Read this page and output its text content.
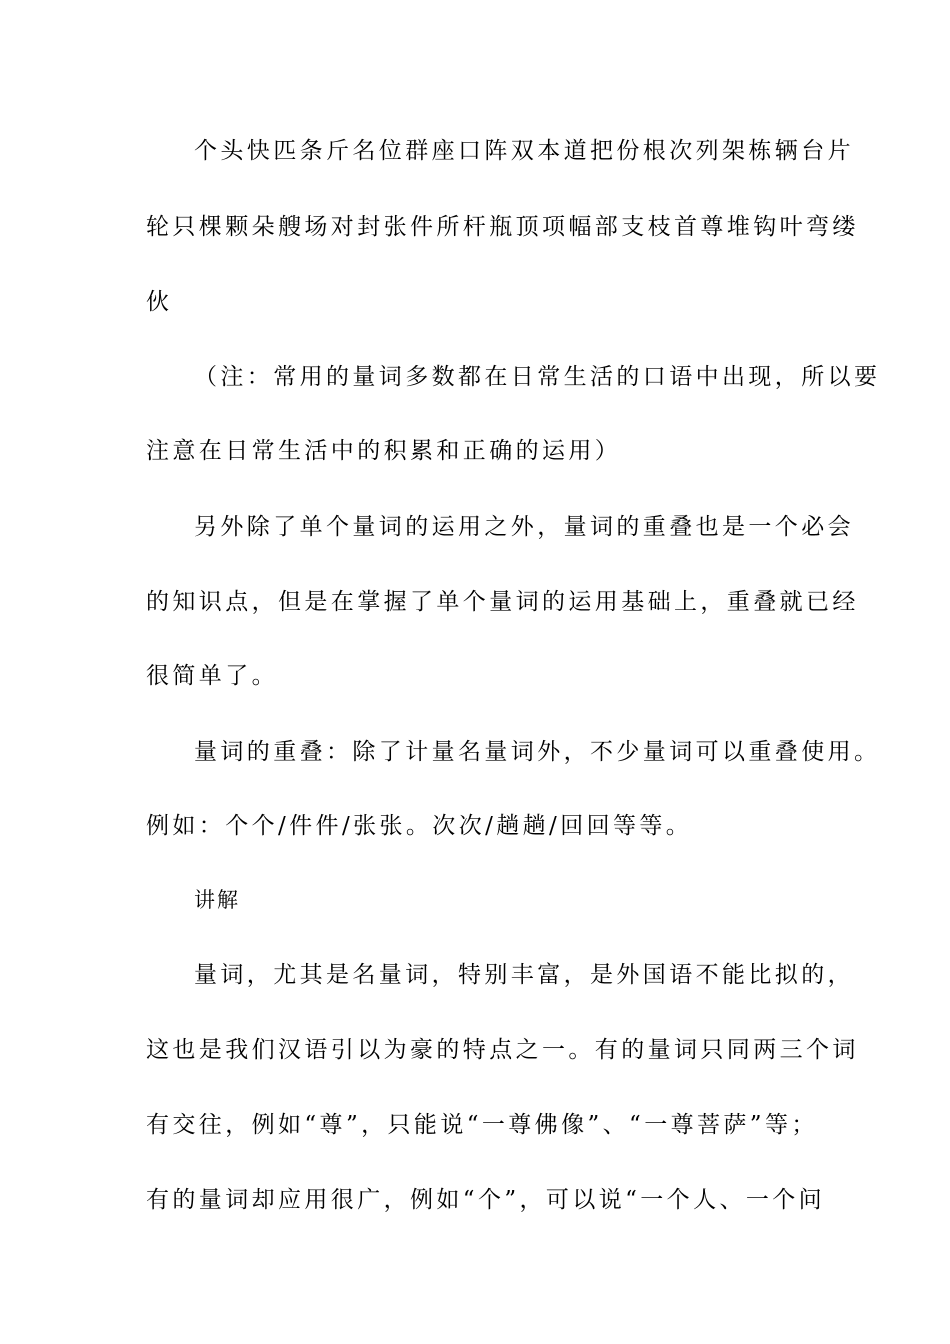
个头快匹条斤名位群座口阵双本道把份根次列架栋辆台片
轮只棵颗朵艘场对封张件所杆瓶顶项幅部支枝首尊堆钩叶弯缕
伙
（注：常用的量词多数都在日常生活的口语中出现，所以要
注意在日常生活中的积累和正确的运用）
另外除了单个量词的运用之外，量词的重叠也是一个必会
的知识点，但是在掌握了单个量词的运用基础上，重叠就已经
很简单了。
量词的重叠：除了计量名量词外，不少量词可以重叠使用。
例如：个个/件件/张张。次次/趟趟/回回等等。
讲解
量词，尤其是名量词，特别丰富，是外国语不能比拟的，
这也是我们汉语引以为豪的特点之一。有的量词只同两三个词
有交往，例如“尊”，只能说“一尊佛像”、“一尊菩萨”等；
有的量词却应用很广，例如“个”，可以说“一个人、一个问
